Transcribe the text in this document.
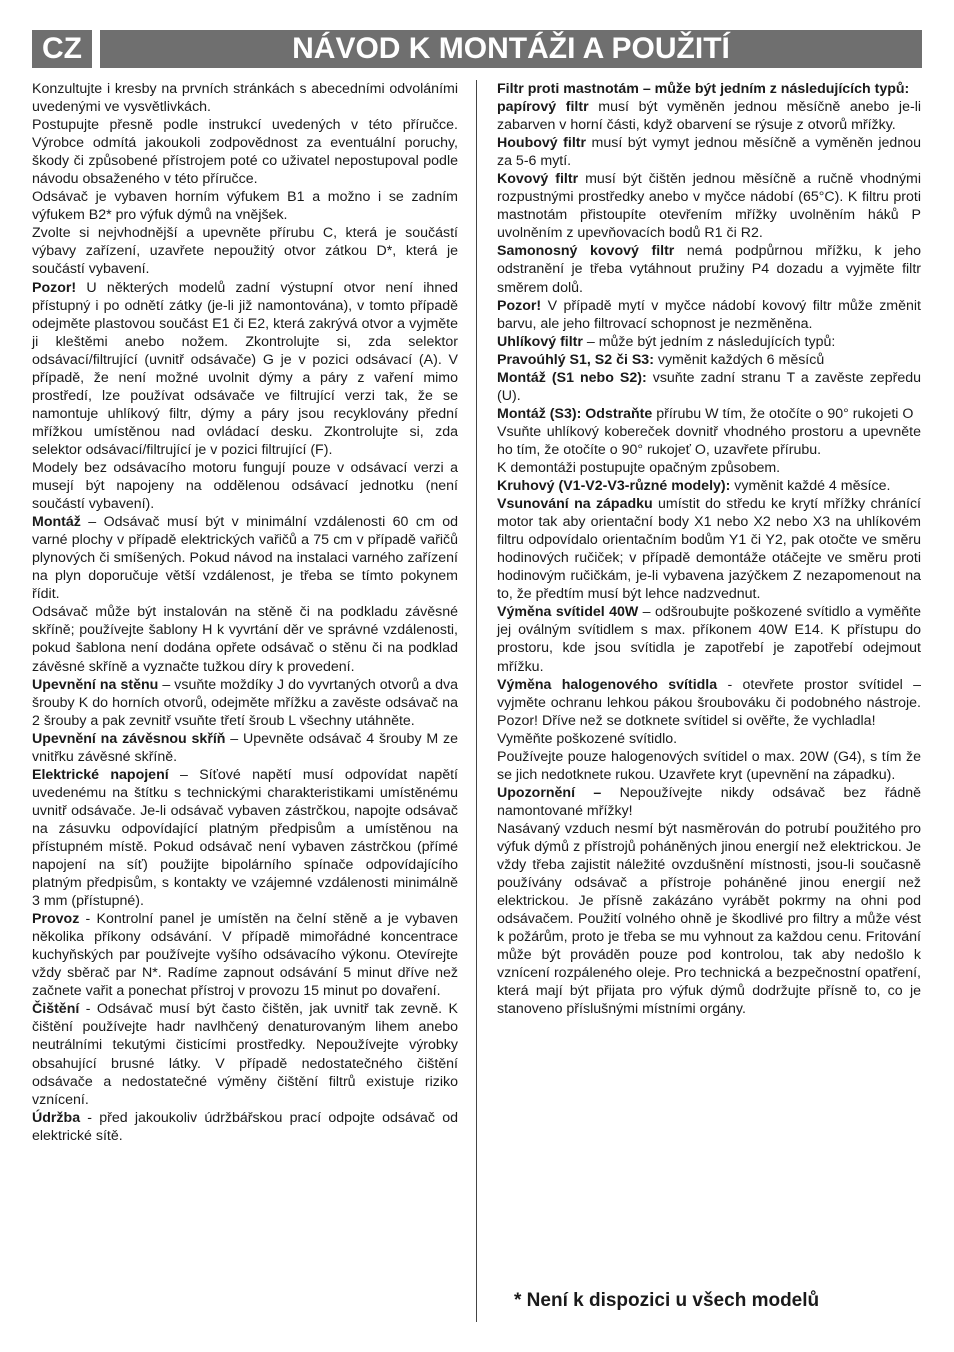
CZ	NÁVOD K MONTÁŽI A POUŽITÍ

Konzultujte i kresby na prvních stránkách s abecedními odvoláními uvedenými ve vysvětlivkách.

Postupujte přesně podle instrukcí uvedených v této příručce. Výrobce odmítá jakoukoli zodpovědnost za eventuální poruchy, škody či způsobené přístrojem poté co uživatel nepostupoval podle návodu obsaženého v této příručce.

Odsávač je vybaven horním výfukem B1 a možno i se zadním výfukem B2* pro výfuk dýmů na vnějšek.

Zvolte si nejvhodnější a upevněte přírubu C, která je součástí výbavy zařízení, uzavřete nepoužitý otvor zátkou D*, která je součástí vybavení.

Pozor! U některých modelů zadní výstupní otvor není ihned přístupný i po odnětí zátky (je-li již namontována), v tomto případě odejměte plastovou součást E1 či E2, která zakrývá otvor a vyjměte ji kleštěmi anebo nožem. Zkontrolujte si, zda selektor odsávací/filtrující (uvnitř odsávače) G je v pozici odsávací (A). V případě, že není možné uvolnit dýmy a páry z vaření mimo prostředí, lze používat odsávače ve filtrující verzi tak, že se namontuje uhlíkový filtr, dýmy a páry jsou recyklovány přední mřížkou umístěnou nad ovládací desku. Zkontrolujte si, zda selektor odsávací/filtrující je v pozici filtrující (F).

Modely bez odsávacího motoru fungují pouze v odsávací verzi a musejí být napojeny na oddělenou odsávací jednotku (není součástí vybavení).

Montáž – Odsávač musí být v minimální vzdálenosti 60 cm od varné plochy v případě elektrických vařičů a 75 cm v případě vařičů plynových či smíšených. Pokud návod na instalaci varného zařízení na plyn doporučuje větší vzdálenost, je třeba se tímto pokynem řídit.

Odsávač může být instalován na stěně či na podkladu závěsné skříně; používejte šablony H k vyvrtání děr ve správné vzdálenosti, pokud šablona není dodána opřete odsávač o stěnu či na podklad závěsné skříně a vyznačte tužkou díry k provedení.

Upevnění na stěnu – vsuňte moždíky J do vyvrtaných otvorů a dva šrouby K do horních otvorů, odejměte mřížku a zavěste odsávač na 2 šrouby a pak zevnitř vsuňte třetí šroub L všechny utáhněte.

Upevnění na závěsnou skříň – Upevněte odsávač 4 šrouby M ze vnitřku závěsné skříně.

Elektrické napojení – Síťové napětí musí odpovídat napětí uvedenému na štítku s technickými charakteristikami umístěnému uvnitř odsávače. Je-li odsávač vybaven zástrčkou, napojte odsávač na zásuvku odpovídající platným předpisům a umístěnou na přístupném místě. Pokud odsávač není vybaven zástrčkou (přímé napojení na síť) použijte bipolárního spínače odpovídajícího platným předpisům, s kontakty ve vzájemné vzdálenosti minimálně 3 mm (přístupné).

Provoz - Kontrolní panel je umístěn na čelní stěně a je vybaven několika příkony odsávání. V případě mimořádné koncentrace kuchyňských par používejte vyšího odsávacího výkonu. Otevírejte vždy sběrač par N*. Radíme zapnout odsávání 5 minut dříve než začnete vařit a ponechat přístroj v provozu 15 minut po dovaření.

Čištění - Odsávač musí být často čištěn, jak uvnitř tak zevně. K čištění používejte hadr navlhčený denaturovaným lihem anebo neutrálními tekutými čisticími prostředky. Nepoužívejte výrobky obsahující brusné látky. V případě nedostatečného čištění odsávače a nedostatečné výměny čištění filtrů existuje riziko vznícení.

Údržba - před jakoukoliv údržbářskou prací odpojte odsávač od elektrické sítě.

Filtr proti mastnotám – může být jedním z následujících typů:

papírový filtr musí být vyměněn jednou měsíčně anebo je-li zabarven v horní části, když obarvení se rýsuje z otvorů mřížky.

Houbový filtr musí být vymyt jednou měsíčně a vyměněn jednou za 5-6 mytí.

Kovový filtr musí být čištěn jednou měsíčně a ručně vhodnými rozpustnými prostředky anebo v myčce nádobí (65°C). K filtru proti mastnotám přistoupíte otevřením mřížky uvolněním háků P uvolněním z upevňovacích bodů R1 či R2.

Samonosný kovový filtr nemá podpůrnou mřížku, k jeho odstranění je třeba vytáhnout pružiny P4 dozadu a vyjměte filtr směrem dolů.

Pozor! V případě mytí v myčce nádobí kovový filtr může změnit barvu, ale jeho filtrovací schopnost je nezměněna.

Uhlíkový filtr – může být jedním z následujících typů:

Pravoúhlý S1, S2 či S3: vyměnit každých 6 měsíců

Montáž (S1 nebo S2): vsuňte zadní stranu T a zavěste zepředu (U).

Montáž (S3): Odstraňte přírubu W tím, že otočíte o 90° rukojeti O

Vsuňte uhlíkový kobereček dovnitř vhodného prostoru a upevněte ho tím, že otočíte o 90° rukojeť O, uzavřete přírubu.

K demontáži postupujte opačným způsobem.

Kruhový (V1-V2-V3-různé modely): vyměnit každé 4 měsíce.

Vsunování na západku umístit do středu ke krytí mřížky chránící motor tak aby orientační body X1 nebo X2 nebo X3 na uhlíkovém filtru odpovídalo orientačním bodům Y1 či Y2, pak otočte ve směru hodinových ručiček; v případě demontáže otáčejte ve směru proti hodinovým ručičkám, je-li vybavena jazýčkem Z nezapomenout na to, že předtím musí být lehce nadzvednut.

Výměna svítidel 40W – odšroubujte poškozené svítidlo a vyměňte jej oválným svítidlem s max. příkonem 40W E14. K přístupu do prostoru, kde jsou svítidla je zapotřebí je zapotřebí odejmout mřížku.

Výměna halogenového svítidla - otevřete prostor svítidel – vyjměte ochranu lehkou pákou šroubováku či podobného nástroje. Pozor! Dříve než se dotknete svítidel si ověřte, že vychladla!

Vyměňte poškozené svítidlo.

Používejte pouze halogenových svítidel o max. 20W (G4), s tím že se jich nedotknete rukou. Uzavřete kryt (upevnění na západku).

Upozornění – Nepoužívejte nikdy odsávač bez řádně namontované mřížky!

Nasávaný vzduch nesmí být nasměrován do potrubí použitého pro výfuk dýmů z přístrojů poháněných jinou energií než elektrickou. Je vždy třeba zajistit náležité ovzdušnění místnosti, jsou-li současně používány odsávač a přístroje poháněné jinou energií než elektrickou. Je přísně zakázáno vyrábět pokrmy na ohni pod odsávačem. Použití volného ohně je škodlivé pro filtry a může vést k požárům, proto je třeba se mu vyhnout za každou cenu. Fritování může být prováděn pouze pod kontrolou, tak aby nedošlo k vznícení rozpáleného oleje. Pro technická a bezpečnostní opatření, která mají být přijata pro výfuk dýmů dodržujte přísně to, co je stanoveno příslušnými místními orgány.

* Není k dispozici u všech modelů
